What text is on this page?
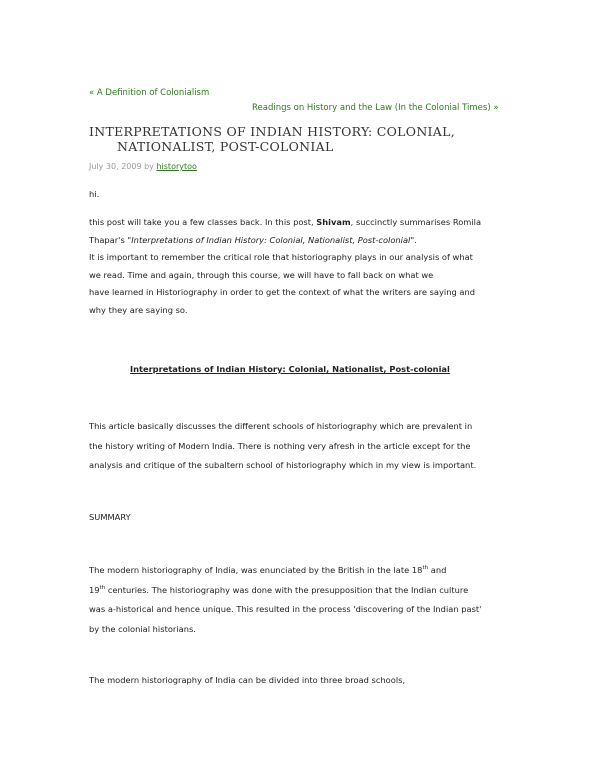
« A Definition of Colonialism
Readings on History and the Law (In the Colonial Times) »
INTERPRETATIONS OF INDIAN HISTORY: COLONIAL,
NATIONALIST, POST-COLONIAL
July 30, 2009 by historytoo
hi.
this post will take you a few classes back. In this post, Shivam, succinctly summarises Romila
Thapar's "Interpretations of Indian History: Colonial, Nationalist, Post-colonial".
It is important to remember the critical role that historiography plays in our analysis of what
we read. Time and again, through this course, we will have to fall back on what we
have learned in Historiography in order to get the context of what the writers are saying and
why they are saying so.
Interpretations of Indian History: Colonial, Nationalist, Post-colonial
This article basically discusses the different schools of historiography which are prevalent in
the history writing of Modern India. There is nothing very afresh in the article except for the
analysis and critique of the subaltern school of historiography which in my view is important.
SUMMARY
The modern historiography of India, was enunciated by the British in the late 18th and
19th centuries. The historiography was done with the presupposition that the Indian culture
was a-historical and hence unique. This resulted in the process 'discovering of the Indian past'
by the colonial historians.
The modern historiography of India can be divided into three broad schools,
